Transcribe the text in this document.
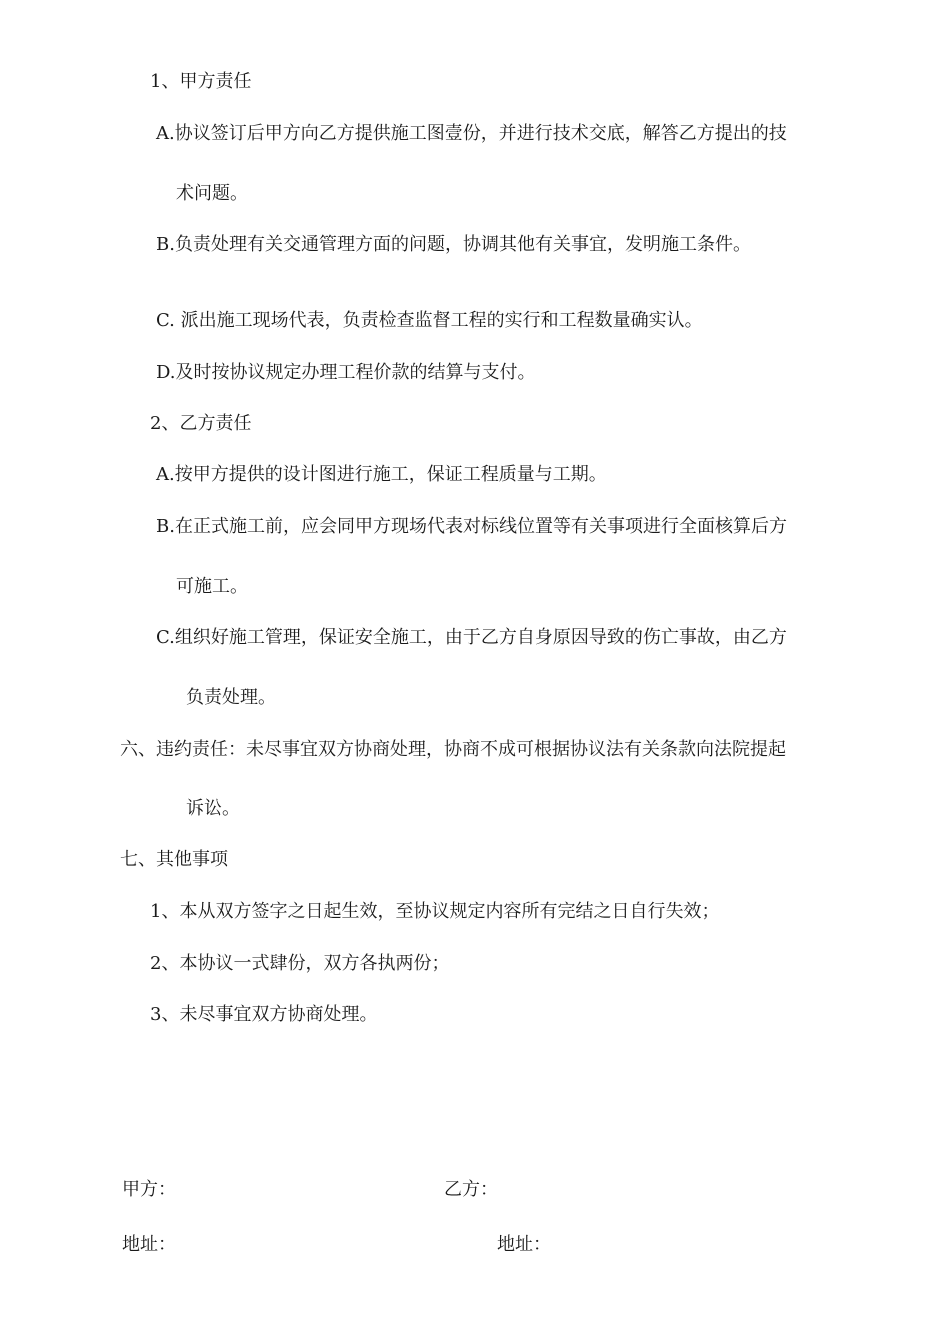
1、甲方责任
A.协议签订后甲方向乙方提供施工图壹份，并进行技术交底，解答乙方提出的技
术问题。
B.负责处理有关交通管理方面的问题，协调其他有关事宜，发明施工条件。
C. 派出施工现场代表，负责检查监督工程的实行和工程数量确实认。
D.及时按协议规定办理工程价款的结算与支付。
2、乙方责任
A.按甲方提供的设计图进行施工，保证工程质量与工期。
B.在正式施工前，应会同甲方现场代表对标线位置等有关事项进行全面核算后方
可施工。
C.组织好施工管理，保证安全施工，由于乙方自身原因导致的伤亡事故，由乙方
负责处理。
六、违约责任：未尽事宜双方协商处理，协商不成可根据协议法有关条款向法院提起
诉讼。
七、其他事项
1、本从双方签字之日起生效，至协议规定内容所有完结之日自行失效；
2、本协议一式肆份，双方各执两份；
3、未尽事宜双方协商处理。
甲方：	乙方：
地址：	地址：
